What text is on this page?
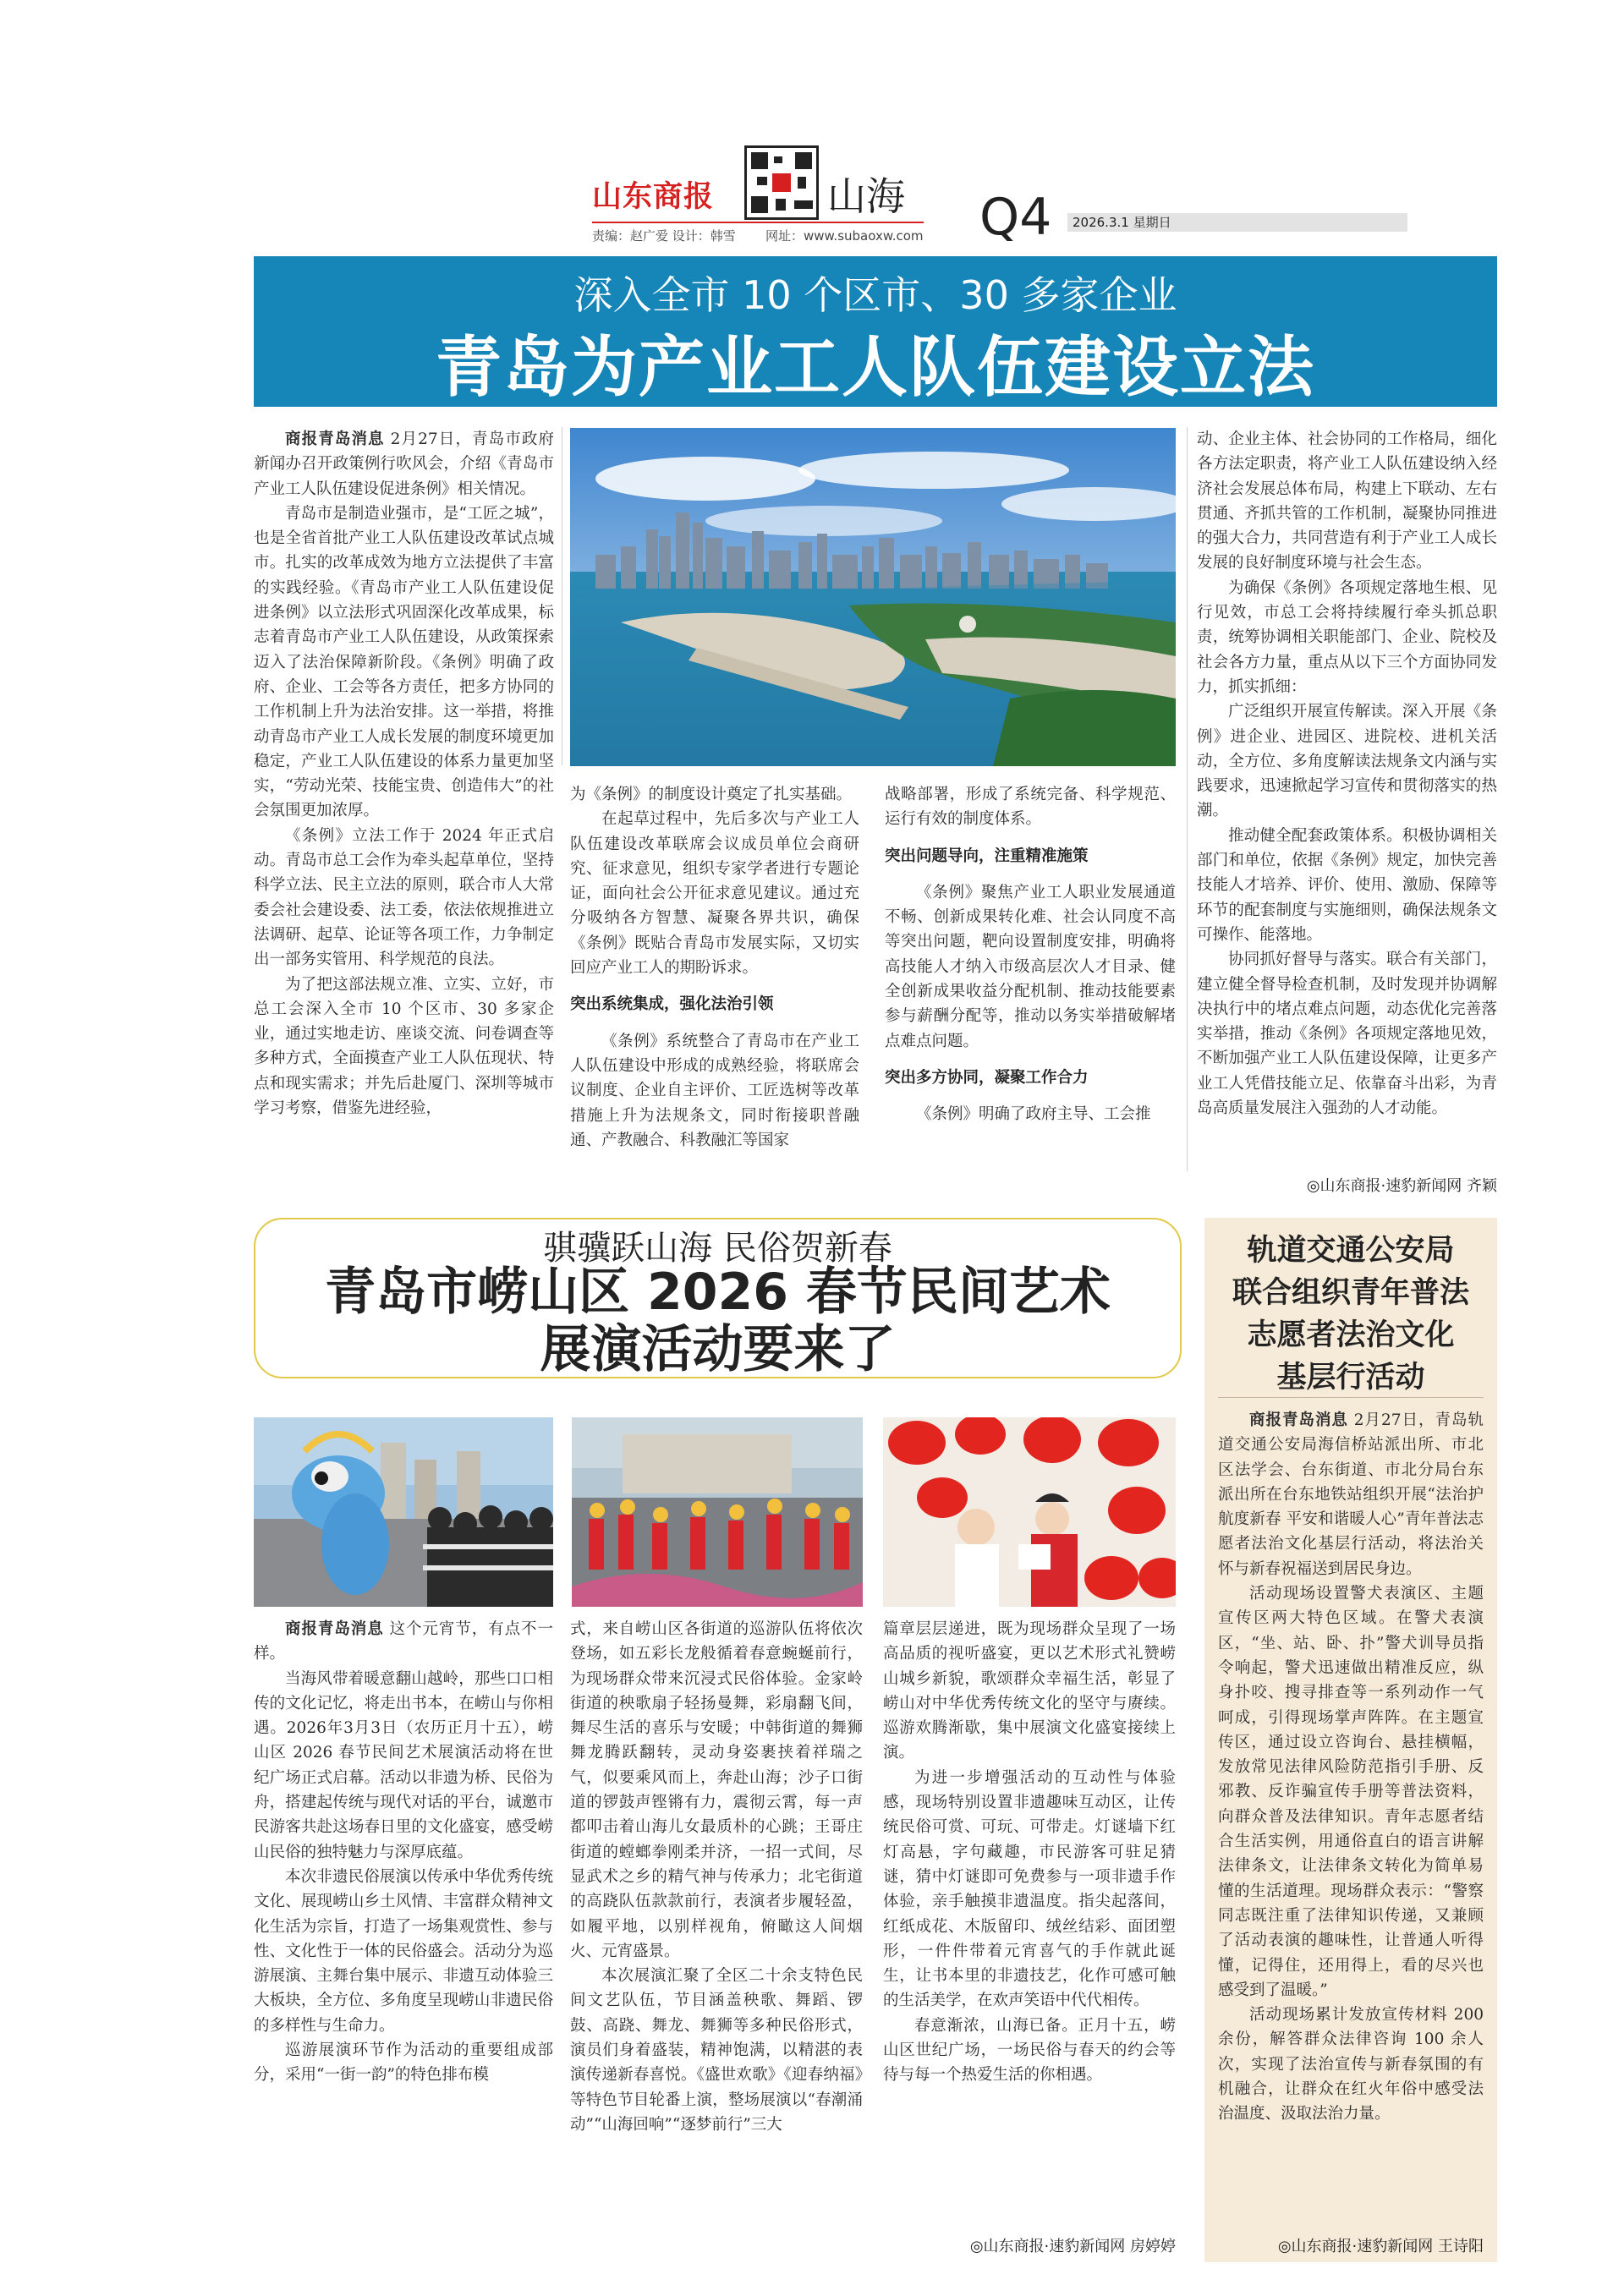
山东商报	山海
责编：赵广爱 设计：韩雪 网址：www.subaoxw.com Q4	2026.3.1 星期日
深入全市 10 个区市、30 多家企业
青岛为产业工人队伍建设立法

商报青岛消息 2月27日，青岛市政府新闻办召开政策例行吹风会，介绍《青岛市产业工人队伍建设促进条例》相关情况。

青岛市是制造业强市，是“工匠之城”，也是全省首批产业工人队伍建设改革试点城市。扎实的改革成效为地方立法提供了丰富的实践经验。《青岛市产业工人队伍建设促进条例》以立法形式巩固深化改革成果，标志着青岛市产业工人队伍建设，从政策探索迈入了法治保障新阶段。《条例》明确了政府、企业、工会等各方责任，把多方协同的工作机制上升为法治安排。这一举措，将推动青岛市产业工人成长发展的制度环境更加稳定，产业工人队伍建设的体系力量更加坚实，“劳动光荣、技能宝贵、创造伟大”的社会氛围更加浓厚。

《条例》立法工作于 2024 年正式启动。青岛市总工会作为牵头起草单位，坚持科学立法、民主立法的原则，联合市人大常委会社会建设委、法工委，依法依规推进立法调研、起草、论证等各项工作，力争制定出一部务实管用、科学规范的良法。

为了把这部法规立准、立实、立好，市总工会深入全市 10 个区市、30 多家企业，通过实地走访、座谈交流、问卷调查等多种方式，全面摸查产业工人队伍现状、特点和现实需求；并先后赴厦门、深圳等城市学习考察，借鉴先进经验，

为《条例》的制度设计奠定了扎实基础。

在起草过程中，先后多次与产业工人队伍建设改革联席会议成员单位会商研究、征求意见，组织专家学者进行专题论证，面向社会公开征求意见建议。通过充分吸纳各方智慧、凝聚各界共识，确保《条例》既贴合青岛市发展实际，又切实回应产业工人的期盼诉求。

突出系统集成，强化法治引领

《条例》系统整合了青岛市在产业工人队伍建设中形成的成熟经验，将联席会议制度、企业自主评价、工匠选树等改革措施上升为法规条文，同时衔接职普融通、产教融合、科教融汇等国家

战略部署，形成了系统完备、科学规范、运行有效的制度体系。

突出问题导向，注重精准施策

《条例》聚焦产业工人职业发展通道不畅、创新成果转化难、社会认同度不高等突出问题，靶向设置制度安排，明确将高技能人才纳入市级高层次人才目录、健全创新成果收益分配机制、推动技能要素参与薪酬分配等，推动以务实举措破解堵点难点问题。

突出多方协同，凝聚工作合力

《条例》明确了政府主导、工会推

动、企业主体、社会协同的工作格局，细化各方法定职责，将产业工人队伍建设纳入经济社会发展总体布局，构建上下联动、左右贯通、齐抓共管的工作机制，凝聚协同推进的强大合力，共同营造有利于产业工人成长发展的良好制度环境与社会生态。

为确保《条例》各项规定落地生根、见行见效，市总工会将持续履行牵头抓总职责，统筹协调相关职能部门、企业、院校及社会各方力量，重点从以下三个方面协同发力，抓实抓细：

广泛组织开展宣传解读。深入开展《条例》进企业、进园区、进院校、进机关活动，全方位、多角度解读法规条文内涵与实践要求，迅速掀起学习宣传和贯彻落实的热潮。

推动健全配套政策体系。积极协调相关部门和单位，依据《条例》规定，加快完善技能人才培养、评价、使用、激励、保障等环节的配套制度与实施细则，确保法规条文可操作、能落地。

协同抓好督导与落实。联合有关部门，建立健全督导检查机制，及时发现并协调解决执行中的堵点难点问题，动态优化完善落实举措，推动《条例》各项规定落地见效，不断加强产业工人队伍建设保障，让更多产业工人凭借技能立足、依靠奋斗出彩，为青岛高质量发展注入强劲的人才动能。

◎山东商报·速豹新闻网 齐颖
骐骥跃山海 民俗贺新春
青岛市崂山区 2026 春节民间艺术
展演活动要来了

商报青岛消息 这个元宵节，有点不一样。

当海风带着暖意翻山越岭，那些口口相传的文化记忆，将走出书本，在崂山与你相遇。2026年3月3日（农历正月十五），崂山区 2026 春节民间艺术展演活动将在世纪广场正式启幕。活动以非遗为桥、民俗为舟，搭建起传统与现代对话的平台，诚邀市民游客共赴这场春日里的文化盛宴，感受崂山民俗的独特魅力与深厚底蕴。

本次非遗民俗展演以传承中华优秀传统文化、展现崂山乡土风情、丰富群众精神文化生活为宗旨，打造了一场集观赏性、参与性、文化性于一体的民俗盛会。活动分为巡游展演、主舞台集中展示、非遗互动体验三大板块，全方位、多角度呈现崂山非遗民俗的多样性与生命力。

巡游展演环节作为活动的重要组成部分，采用“一街一韵”的特色排布模

式，来自崂山区各街道的巡游队伍将依次登场，如五彩长龙般循着春意蜿蜒前行，为现场群众带来沉浸式民俗体验。金家岭街道的秧歌扇子轻扬曼舞，彩扇翻飞间，舞尽生活的喜乐与安暖；中韩街道的舞狮舞龙腾跃翻转，灵动身姿裹挟着祥瑞之气，似要乘风而上，奔赴山海；沙子口街道的锣鼓声铿锵有力，震彻云霄，每一声都叩击着山海儿女最质朴的心跳；王哥庄街道的螳螂拳刚柔并济，一招一式间，尽显武术之乡的精气神与传承力；北宅街道的高跷队伍款款前行，表演者步履轻盈，如履平地，以别样视角，俯瞰这人间烟火、元宵盛景。

本次展演汇聚了全区二十余支特色民间文艺队伍，节目涵盖秧歌、舞蹈、锣鼓、高跷、舞龙、舞狮等多种民俗形式，演员们身着盛装，精神饱满，以精湛的表演传递新春喜悦。《盛世欢歌》《迎春纳福》等特色节目轮番上演，整场展演以“春潮涌动”“山海回响”“逐梦前行”三大

篇章层层递进，既为现场群众呈现了一场高品质的视听盛宴，更以艺术形式礼赞崂山城乡新貌，歌颂群众幸福生活，彰显了崂山对中华优秀传统文化的坚守与赓续。巡游欢腾渐歇，集中展演文化盛宴接续上演。

为进一步增强活动的互动性与体验感，现场特别设置非遗趣味互动区，让传统民俗可赏、可玩、可带走。灯谜墙下红灯高悬，字句藏趣，市民游客可驻足猜谜，猜中灯谜即可免费参与一项非遗手作体验，亲手触摸非遗温度。指尖起落间，红纸成花、木版留印、绒丝结彩、面团塑形，一件件带着元宵喜气的手作就此诞生，让书本里的非遗技艺，化作可感可触的生活美学，在欢声笑语中代代相传。

春意渐浓，山海已备。正月十五，崂山区世纪广场，一场民俗与春天的约会等待与每一个热爱生活的你相遇。

◎山东商报·速豹新闻网 房婷婷
轨道交通公安局
联合组织青年普法
志愿者法治文化
基层行活动

商报青岛消息 2月27日，青岛轨道交通公安局海信桥站派出所、市北区法学会、台东街道、市北分局台东派出所在台东地铁站组织开展“法治护航度新春 平安和谐暖人心”青年普法志愿者法治文化基层行活动，将法治关怀与新春祝福送到居民身边。

活动现场设置警犬表演区、主题宣传区两大特色区域。在警犬表演区，“坐、站、卧、扑”警犬训导员指令响起，警犬迅速做出精准反应，纵身扑咬、搜寻排查等一系列动作一气呵成，引得现场掌声阵阵。在主题宣传区，通过设立咨询台、悬挂横幅，发放常见法律风险防范指引手册、反邪教、反诈骗宣传手册等普法资料，向群众普及法律知识。青年志愿者结合生活实例，用通俗直白的语言讲解法律条文，让法律条文转化为简单易懂的生活道理。现场群众表示：“警察同志既注重了法律知识传递，又兼顾了活动表演的趣味性，让普通人听得懂，记得住，还用得上，看的尽兴也感受到了温暖。”

活动现场累计发放宣传材料 200 余份，解答群众法律咨询 100 余人次，实现了法治宣传与新春氛围的有机融合，让群众在红火年俗中感受法治温度、汲取法治力量。

◎山东商报·速豹新闻网 王诗阳
